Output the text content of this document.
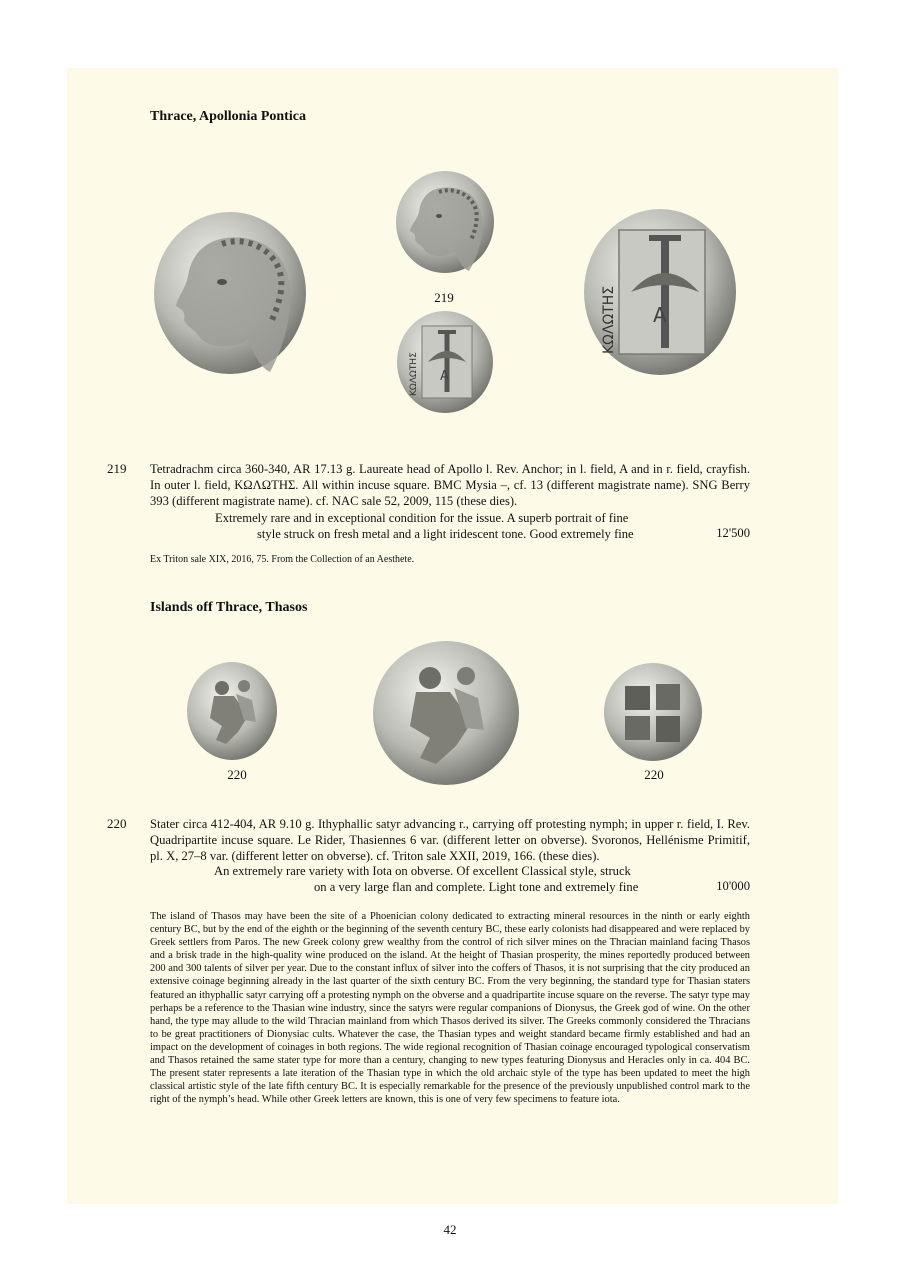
Thrace, Apollonia Pontica
219
Α
ΚΩΛΩΤΗΣ
Α
ΚΩΛΩΤΗΣ
219 Tetradrachm circa 360-340, AR 17.13 g. Laureate head of Apollo l. Rev. Anchor; in l. field, A and in r. field, crayfish. In outer l. field, ΚΩΛΩΤΗΣ. All within incuse square. BMC Mysia –, cf. 13 (different magistrate name). SNG Berry 393 (different magistrate name). cf. NAC sale 52, 2009, 115 (these dies).
Extremely rare and in exceptional condition for the issue. A superb portrait of fine
style struck on fresh metal and a light iridescent tone. Good extremely fine	12'500
Ex Triton sale XIX, 2016, 75. From the Collection of an Aesthete.
Islands off Thrace, Thasos
220	220
220 Stater circa 412-404, AR 9.10 g. Ithyphallic satyr advancing r., carrying off protesting nymph; in upper r. field, I. Rev. Quadripartite incuse square. Le Rider, Thasiennes 6 var. (different letter on obverse). Svoronos, Hellénisme Primitif, pl. X, 27–8 var. (different letter on obverse). cf. Triton sale XXII, 2019, 166. (these dies).
An extremely rare variety with Iota on obverse. Of excellent Classical style, struck
on a very large flan and complete. Light tone and extremely fine	10'000
The island of Thasos may have been the site of a Phoenician colony dedicated to extracting mineral resources in the ninth or early eighth century BC, but by the end of the eighth or the beginning of the seventh century BC, these early colonists had disappeared and were replaced by Greek settlers from Paros. The new Greek colony grew wealthy from the control of rich silver mines on the Thracian mainland facing Thasos and a brisk trade in the high-quality wine produced on the island. At the height of Thasian prosperity, the mines reportedly produced between 200 and 300 talents of silver per year. Due to the constant influx of silver into the coffers of Thasos, it is not surprising that the city produced an extensive coinage beginning already in the last quarter of the sixth century BC. From the very beginning, the standard type for Thasian staters featured an ithyphallic satyr carrying off a protesting nymph on the obverse and a quadripartite incuse square on the reverse. The satyr type may perhaps be a reference to the Thasian wine industry, since the satyrs were regular companions of Dionysus, the Greek god of wine. On the other hand, the type may allude to the wild Thracian mainland from which Thasos derived its silver. The Greeks commonly considered the Thracians to be great practitioners of Dionysiac cults. Whatever the case, the Thasian types and weight standard became firmly established and had an impact on the development of coinages in both regions. The wide regional recognition of Thasian coinage encouraged typological conservatism and Thasos retained the same stater type for more than a century, changing to new types featuring Dionysus and Heracles only in ca. 404 BC. The present stater represents a late iteration of the Thasian type in which the old archaic style of the type has been updated to meet the high classical artistic style of the late fifth century BC. It is especially remarkable for the presence of the previously unpublished control mark to the right of the nymph’s head. While other Greek letters are known, this is one of very few specimens to feature iota.
42
